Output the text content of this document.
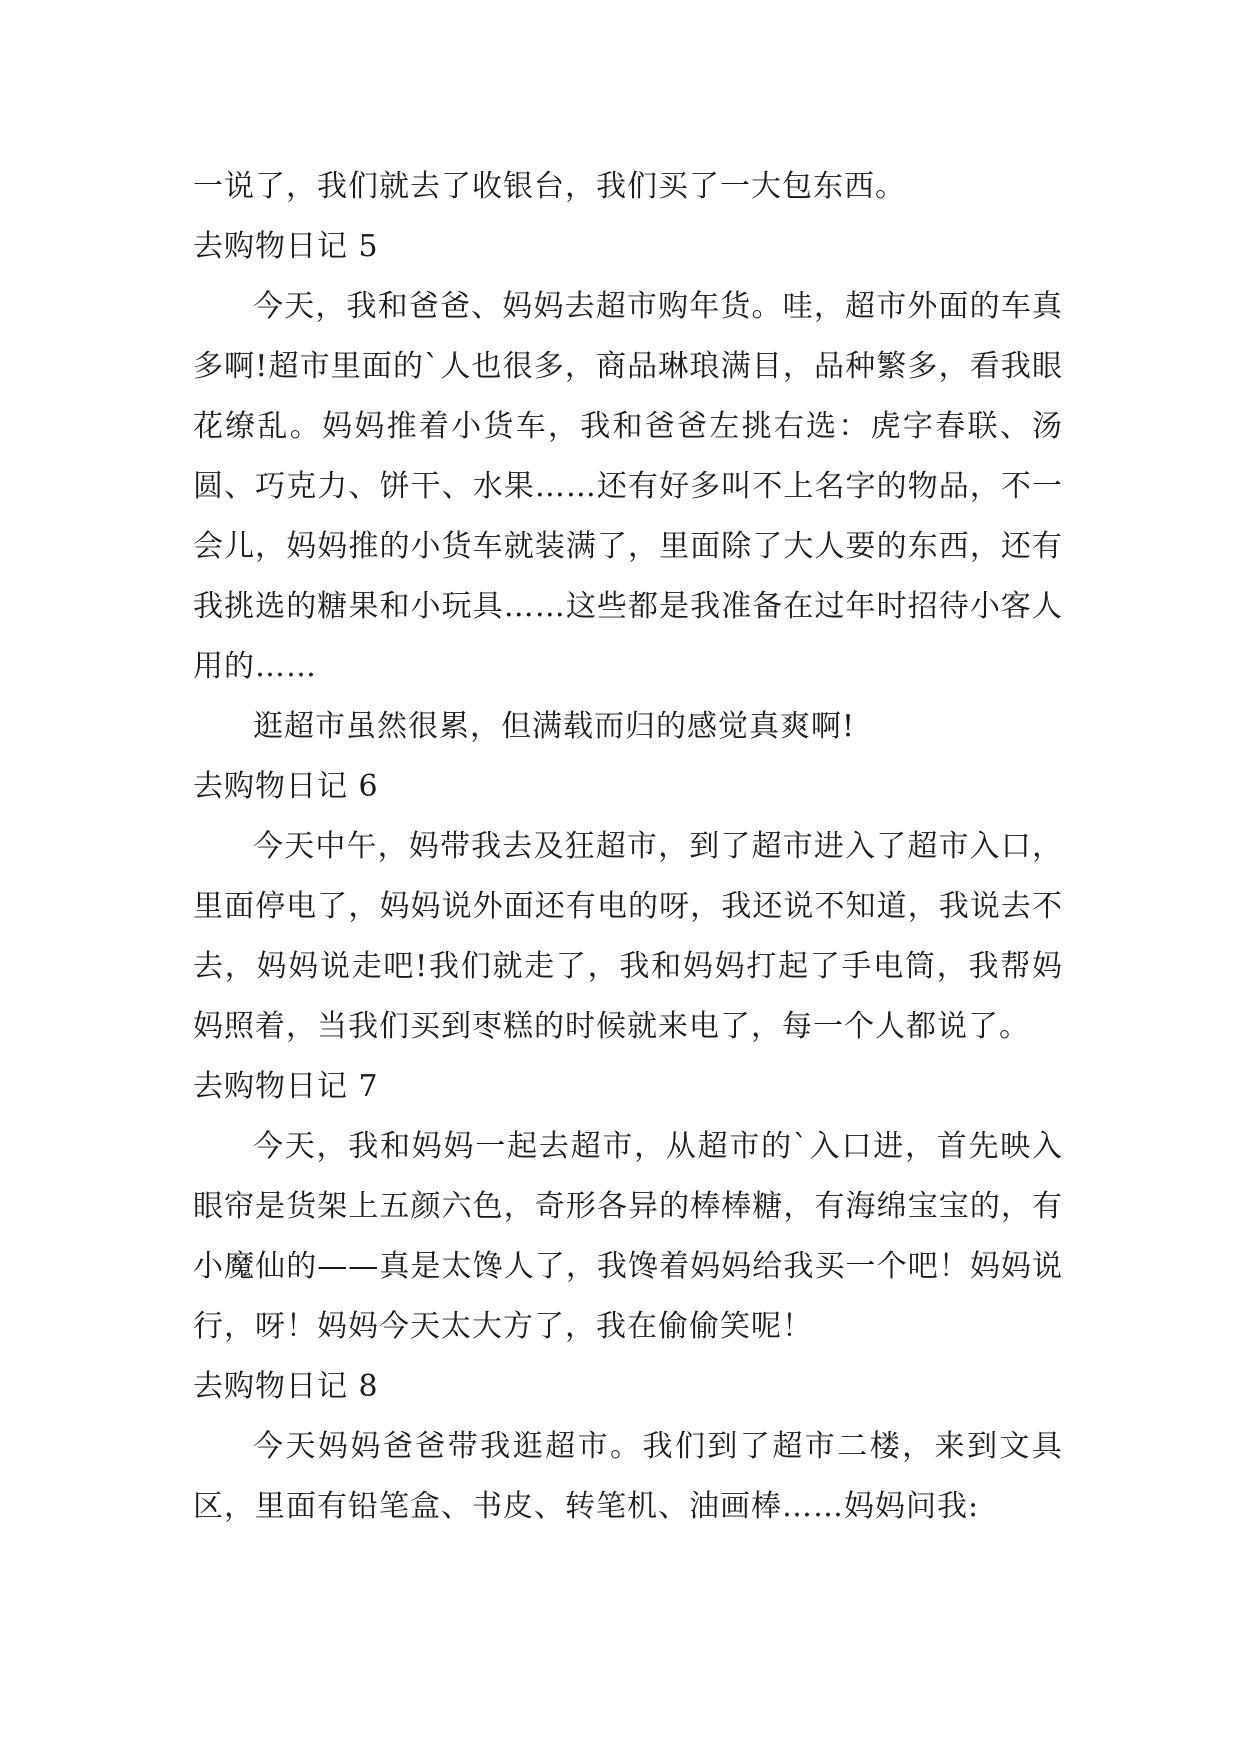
一说了，我们就去了收银台，我们买了一大包东西。

去购物日记 5

今天，我和爸爸、妈妈去超市购年货。哇，超市外面的车真多啊!超市里面的`人也很多，商品琳琅满目，品种繁多，看我眼花缭乱。妈妈推着小货车，我和爸爸左挑右选：虎字春联、汤圆、巧克力、饼干、水果……还有好多叫不上名字的物品，不一会儿，妈妈推的小货车就装满了，里面除了大人要的东西，还有我挑选的糖果和小玩具……这些都是我准备在过年时招待小客人用的……

逛超市虽然很累，但满载而归的感觉真爽啊!

去购物日记 6

今天中午，妈带我去及狂超市，到了超市进入了超市入口，里面停电了，妈妈说外面还有电的呀，我还说不知道，我说去不去，妈妈说走吧!我们就走了，我和妈妈打起了手电筒，我帮妈妈照着，当我们买到枣糕的时候就来电了，每一个人都说了。

去购物日记 7

今天，我和妈妈一起去超市，从超市的`入口进，首先映入眼帘是货架上五颜六色，奇形各异的棒棒糖，有海绵宝宝的，有小魔仙的——真是太馋人了，我馋着妈妈给我买一个吧！妈妈说行，呀！妈妈今天太大方了，我在偷偷笑呢！

去购物日记 8

今天妈妈爸爸带我逛超市。我们到了超市二楼，来到文具区，里面有铅笔盒、书皮、转笔机、油画棒……妈妈问我:
